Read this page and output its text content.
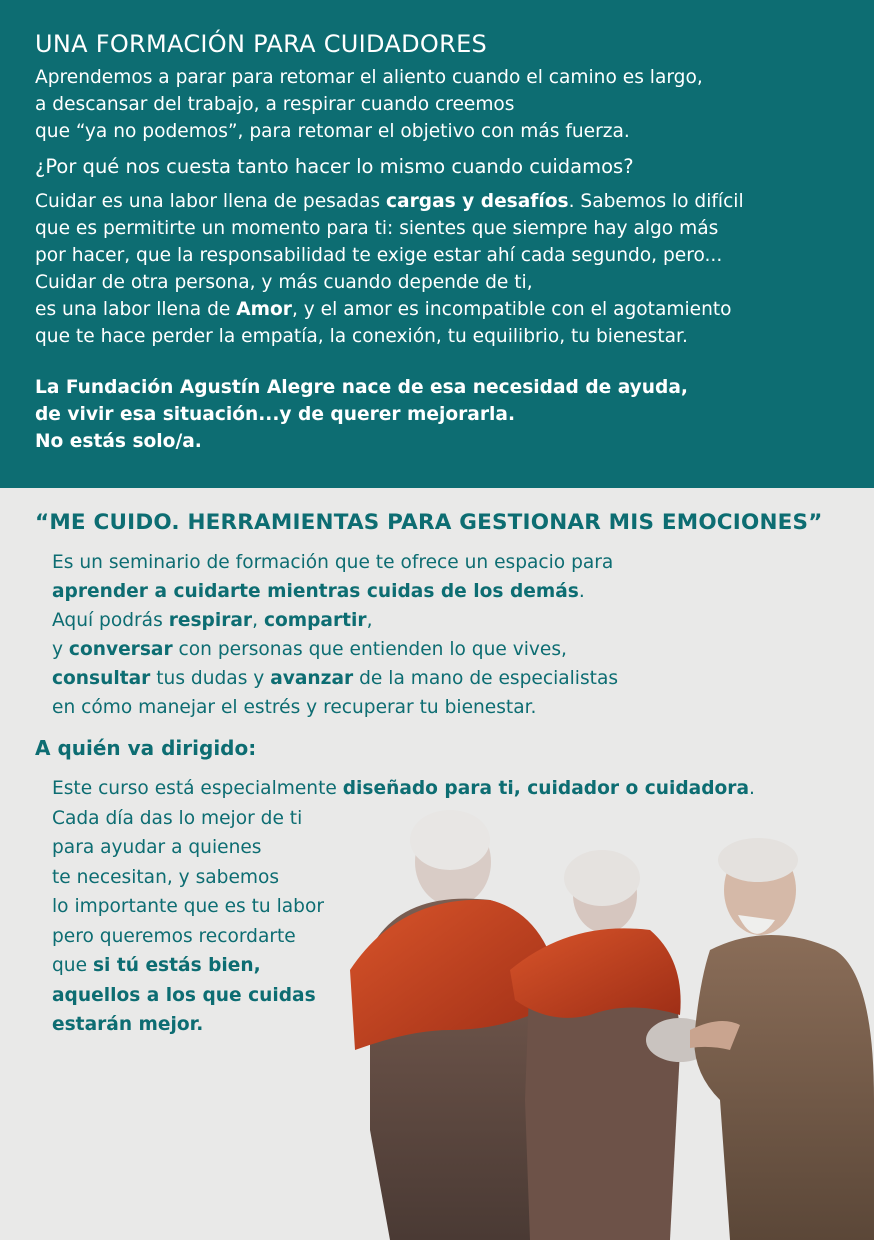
UNA FORMACIÓN PARA CUIDADORES
Aprendemos a parar para retomar el aliento cuando el camino es largo,
a descansar del trabajo, a respirar cuando creemos
que “ya no podemos”, para retomar el objetivo con más fuerza.
¿Por qué nos cuesta tanto hacer lo mismo cuando cuidamos?
Cuidar es una labor llena de pesadas cargas y desafíos. Sabemos lo difícil
que es permitirte un momento para ti: sientes que siempre hay algo más
por hacer, que la responsabilidad te exige estar ahí cada segundo, pero...
Cuidar de otra persona, y más cuando depende de ti,
es una labor llena de Amor, y el amor es incompatible con el agotamiento
que te hace perder la empatía, la conexión, tu equilibrio, tu bienestar.
La Fundación Agustín Alegre nace de esa necesidad de ayuda,
de vivir esa situación...y de querer mejorarla.
No estás solo/a.
“ME CUIDO. HERRAMIENTAS PARA GESTIONAR MIS EMOCIONES”
Es un seminario de formación que te ofrece un espacio para
aprender a cuidarte mientras cuidas de los demás.
Aquí podrás respirar, compartir,
y conversar con personas que entienden lo que vives,
consultar tus dudas y avanzar de la mano de especialistas
en cómo manejar el estrés y recuperar tu bienestar.
A quién va dirigido:
Este curso está especialmente diseñado para ti, cuidador o cuidadora.
Cada día das lo mejor de ti
para ayudar a quienes
te necesitan, y sabemos
lo importante que es tu labor
pero queremos recordarte
que si tú estás bien,
aquellos a los que cuidas
estarán mejor.
